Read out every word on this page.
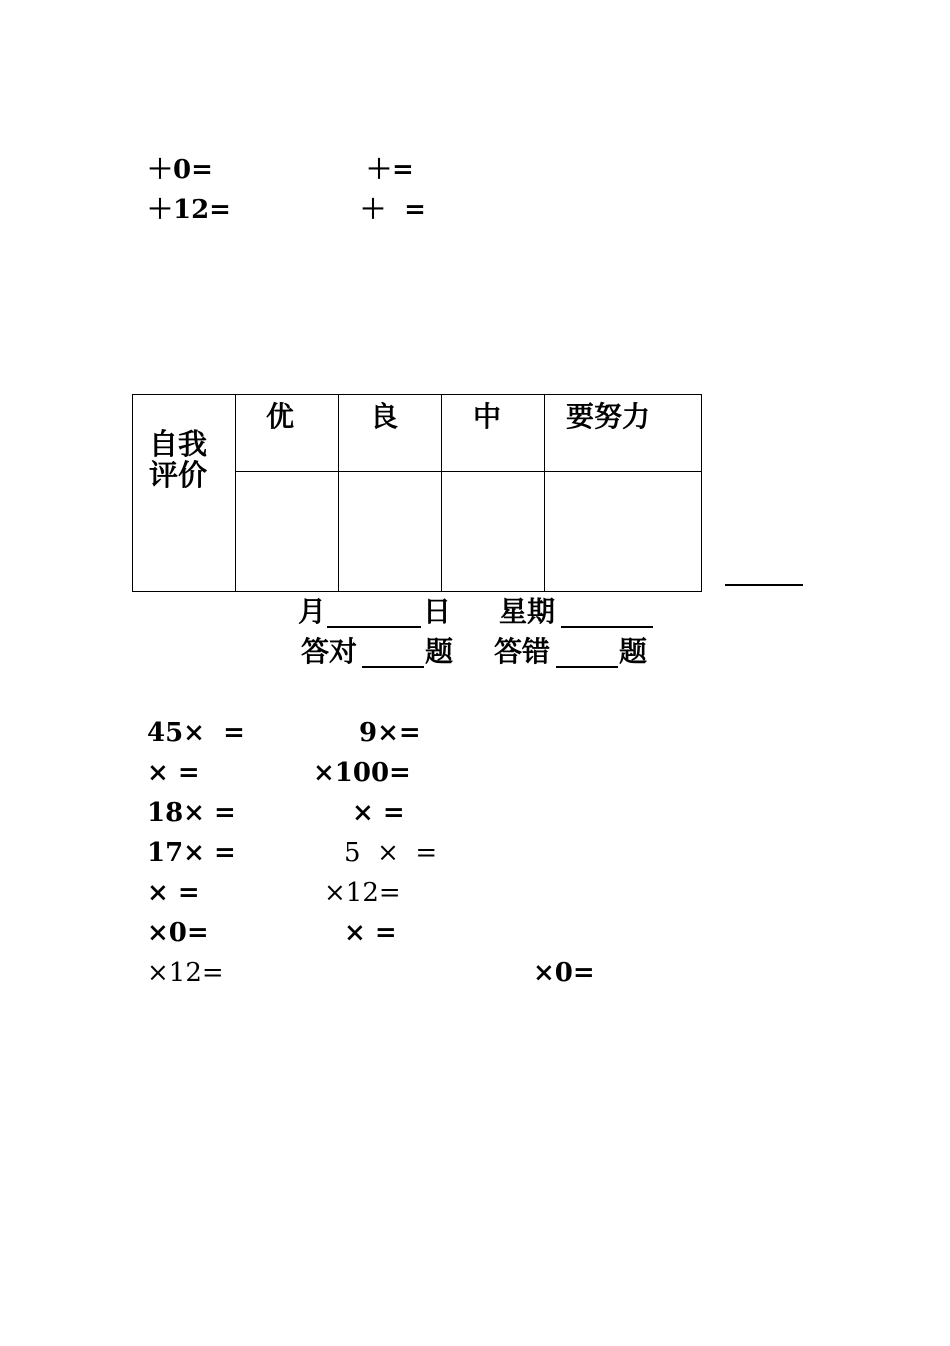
＋0=	＋=
＋12=	＋  =
自我
评价	优	良	中	要努力

月	日 星期
答对 题 答错 题
45×  =	9×=
× =	×100=
18× =	× =
17× =	5  ×  =
× =	×12=
×0=	× =
×12=	×0=
